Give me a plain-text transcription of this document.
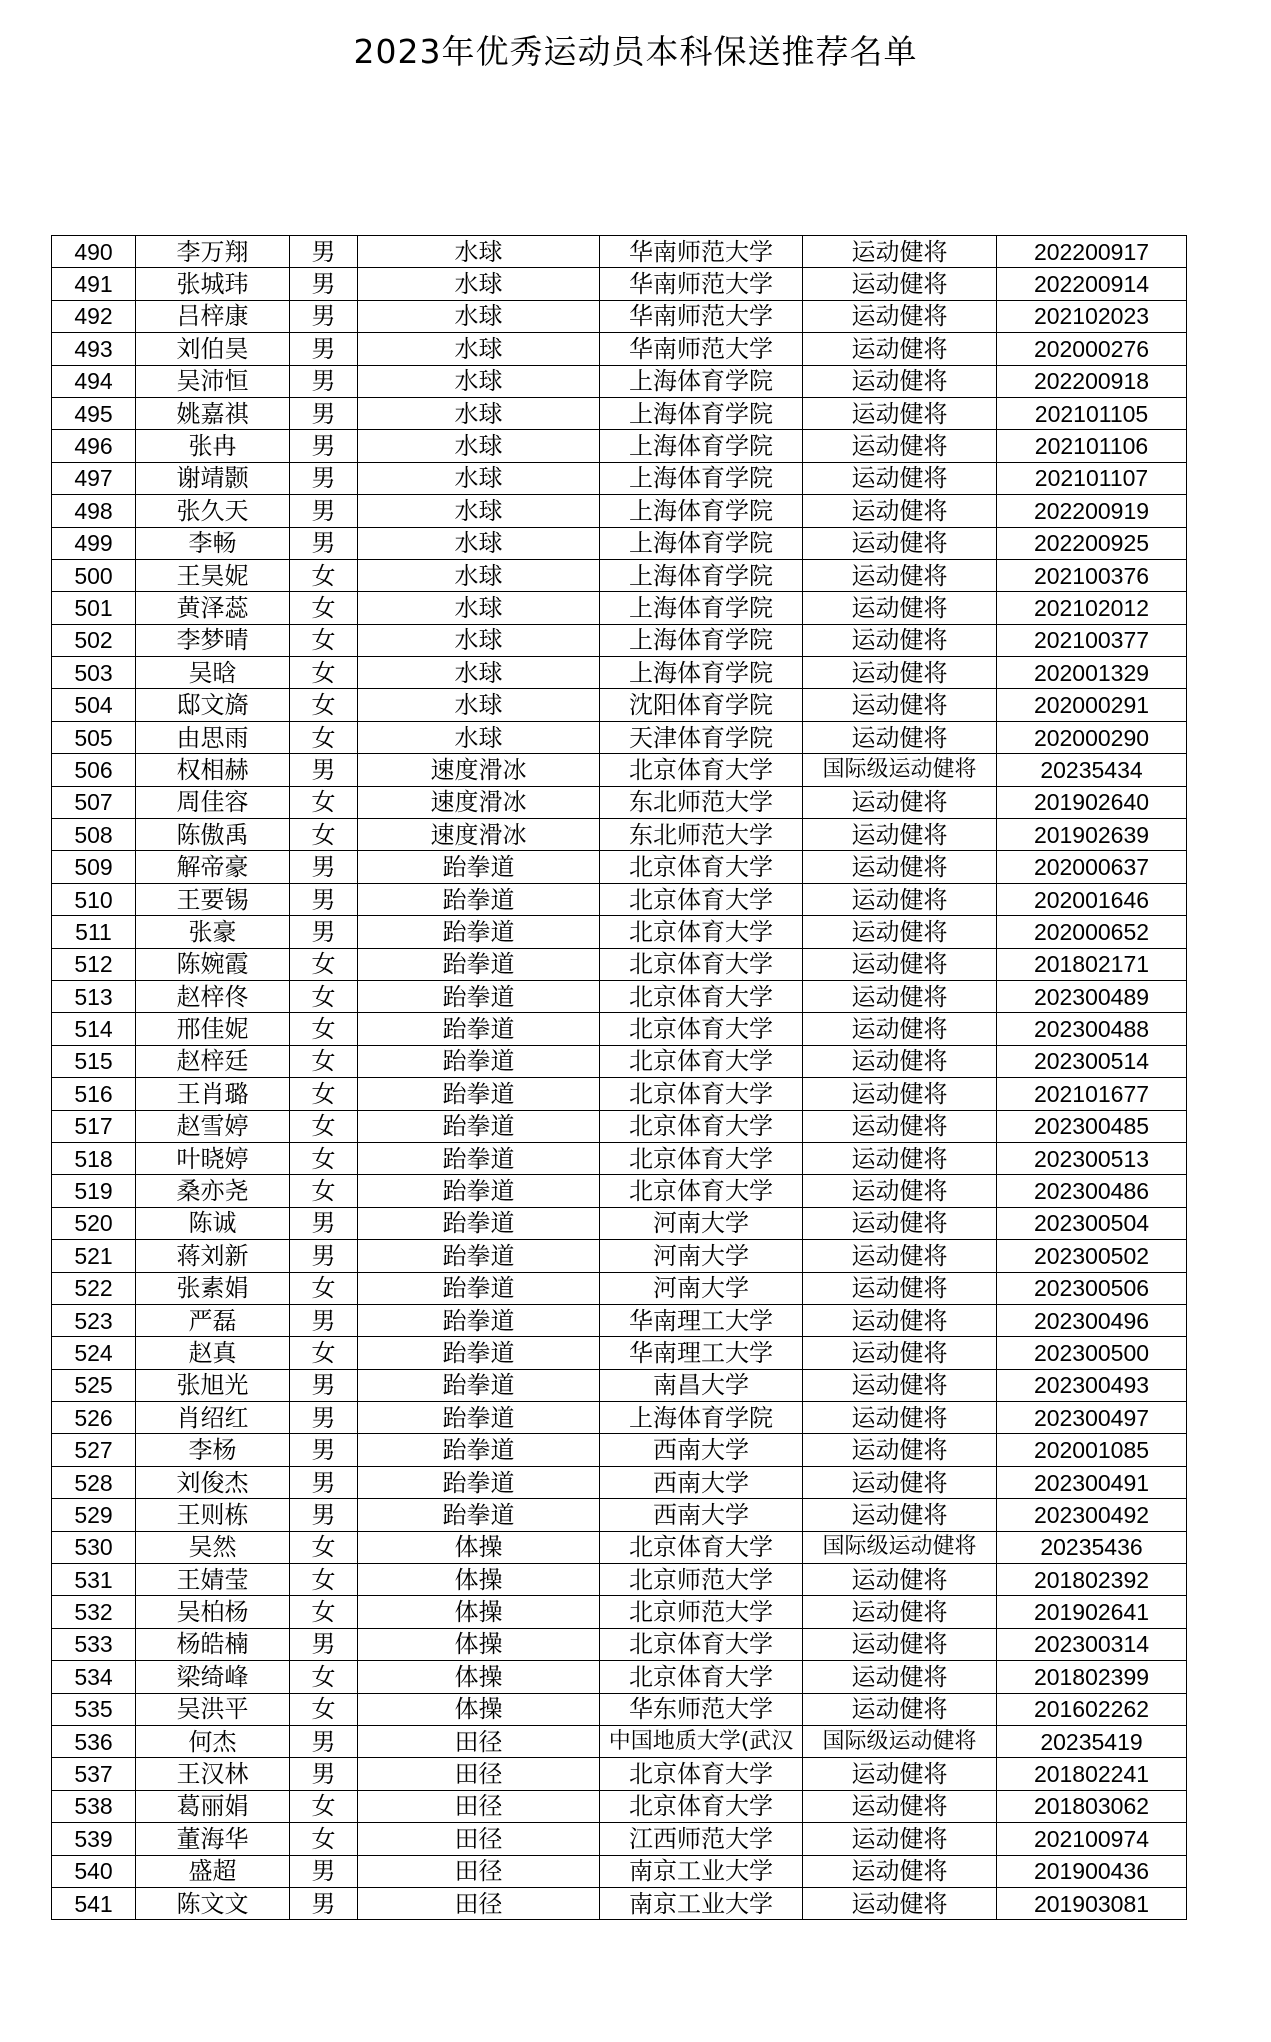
2023年优秀运动员本科保送推荐名单
490	李万翔	男	水球	华南师范大学	运动健将	202200917
491	张城玮	男	水球	华南师范大学	运动健将	202200914
492	吕梓康	男	水球	华南师范大学	运动健将	202102023
493	刘伯昊	男	水球	华南师范大学	运动健将	202000276
494	吴沛恒	男	水球	上海体育学院	运动健将	202200918
495	姚嘉祺	男	水球	上海体育学院	运动健将	202101105
496	张冉	男	水球	上海体育学院	运动健将	202101106
497	谢靖颢	男	水球	上海体育学院	运动健将	202101107
498	张久天	男	水球	上海体育学院	运动健将	202200919
499	李畅	男	水球	上海体育学院	运动健将	202200925
500	王昊妮	女	水球	上海体育学院	运动健将	202100376
501	黄泽蕊	女	水球	上海体育学院	运动健将	202102012
502	李梦晴	女	水球	上海体育学院	运动健将	202100377
503	吴晗	女	水球	上海体育学院	运动健将	202001329
504	邸文旖	女	水球	沈阳体育学院	运动健将	202000291
505	由思雨	女	水球	天津体育学院	运动健将	202000290
506	权相赫	男	速度滑冰	北京体育大学	国际级运动健将	20235434
507	周佳容	女	速度滑冰	东北师范大学	运动健将	201902640
508	陈傲禹	女	速度滑冰	东北师范大学	运动健将	201902639
509	解帝豪	男	跆拳道	北京体育大学	运动健将	202000637
510	王要锡	男	跆拳道	北京体育大学	运动健将	202001646
511	张豪	男	跆拳道	北京体育大学	运动健将	202000652
512	陈婉霞	女	跆拳道	北京体育大学	运动健将	201802171
513	赵梓佟	女	跆拳道	北京体育大学	运动健将	202300489
514	邢佳妮	女	跆拳道	北京体育大学	运动健将	202300488
515	赵梓廷	女	跆拳道	北京体育大学	运动健将	202300514
516	王肖璐	女	跆拳道	北京体育大学	运动健将	202101677
517	赵雪婷	女	跆拳道	北京体育大学	运动健将	202300485
518	叶晓婷	女	跆拳道	北京体育大学	运动健将	202300513
519	桑亦尧	女	跆拳道	北京体育大学	运动健将	202300486
520	陈诚	男	跆拳道	河南大学	运动健将	202300504
521	蒋刘新	男	跆拳道	河南大学	运动健将	202300502
522	张素娟	女	跆拳道	河南大学	运动健将	202300506
523	严磊	男	跆拳道	华南理工大学	运动健将	202300496
524	赵真	女	跆拳道	华南理工大学	运动健将	202300500
525	张旭光	男	跆拳道	南昌大学	运动健将	202300493
526	肖绍红	男	跆拳道	上海体育学院	运动健将	202300497
527	李杨	男	跆拳道	西南大学	运动健将	202001085
528	刘俊杰	男	跆拳道	西南大学	运动健将	202300491
529	王则栋	男	跆拳道	西南大学	运动健将	202300492
530	吴然	女	体操	北京体育大学	国际级运动健将	20235436
531	王婧莹	女	体操	北京师范大学	运动健将	201802392
532	吴柏杨	女	体操	北京师范大学	运动健将	201902641
533	杨皓楠	男	体操	北京体育大学	运动健将	202300314
534	梁绮峰	女	体操	北京体育大学	运动健将	201802399
535	吴洪平	女	体操	华东师范大学	运动健将	201602262
536	何杰	男	田径	中国地质大学(武汉	国际级运动健将	20235419
537	王汉林	男	田径	北京体育大学	运动健将	201802241
538	葛丽娟	女	田径	北京体育大学	运动健将	201803062
539	董海华	女	田径	江西师范大学	运动健将	202100974
540	盛超	男	田径	南京工业大学	运动健将	201900436
541	陈文文	男	田径	南京工业大学	运动健将	201903081
